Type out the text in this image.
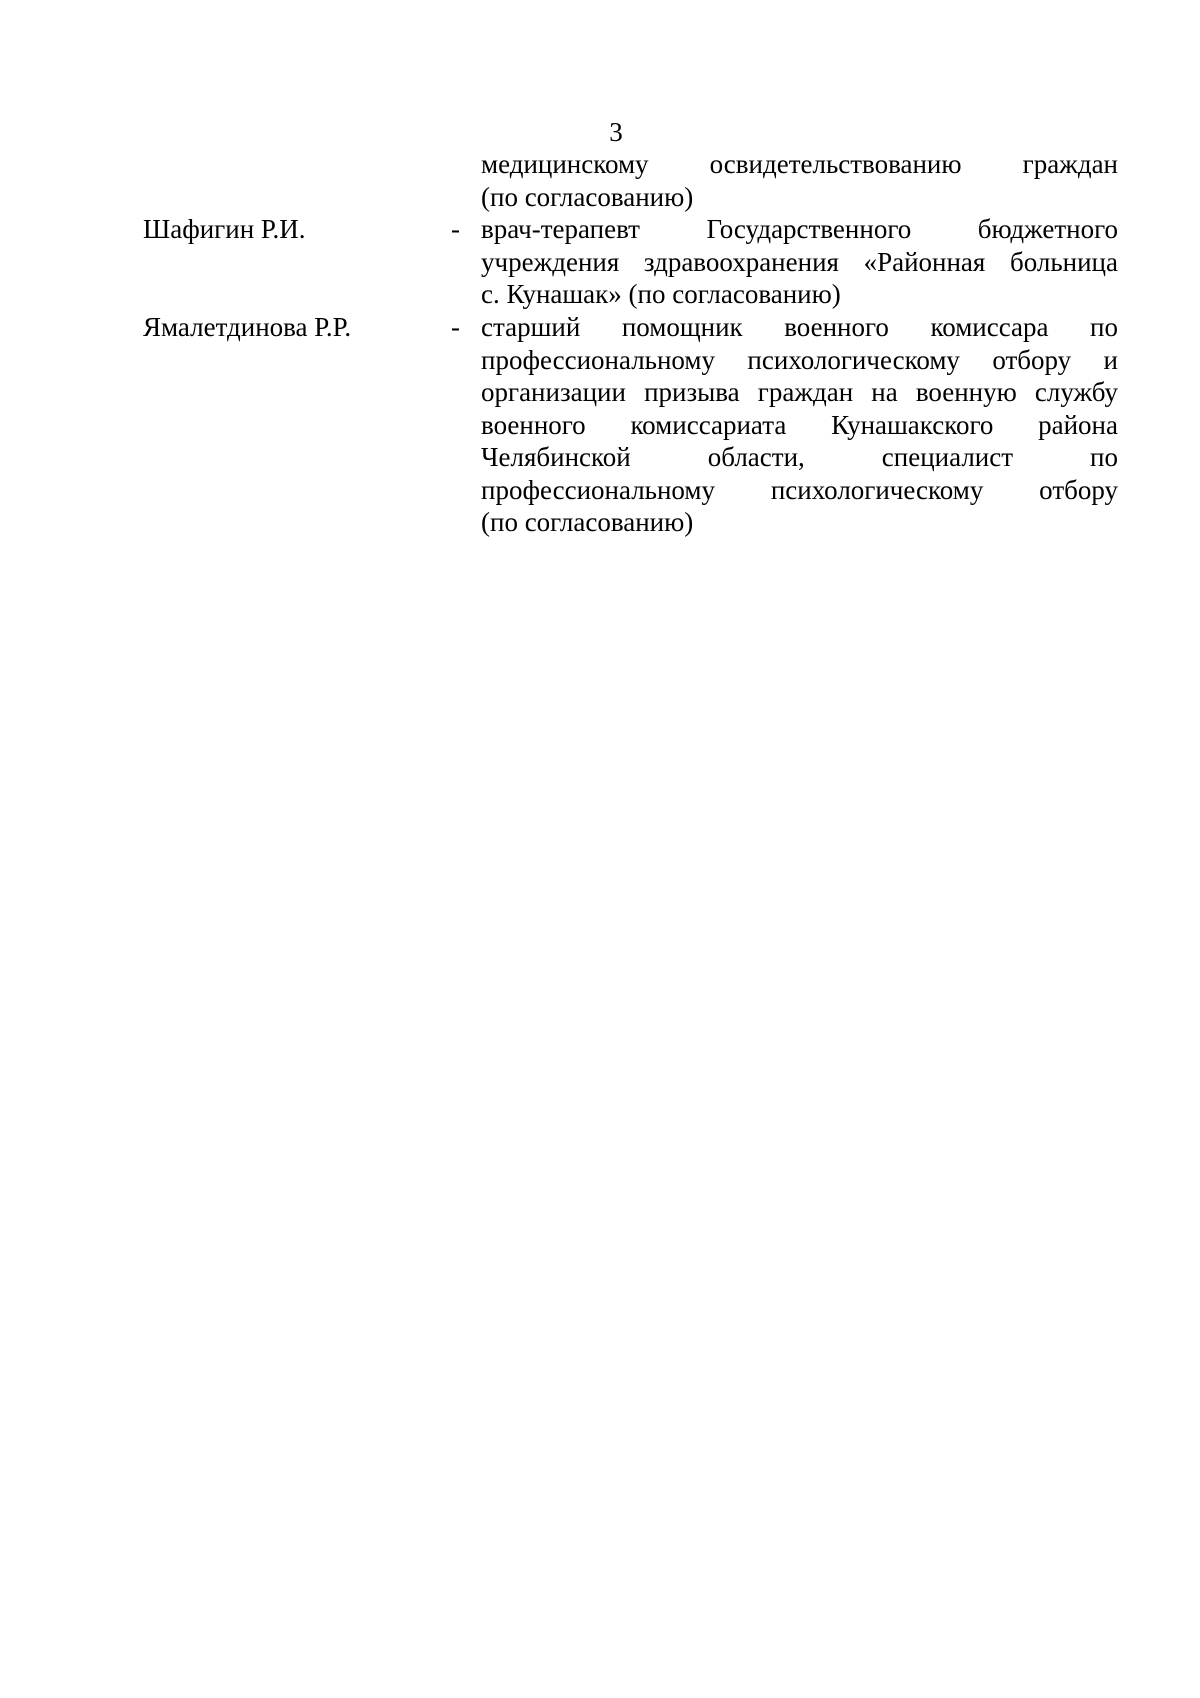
3
медицинскому освидетельствованию граждан
(по согласованию)
Шафигин Р.И.	- врач-терапевт Государственного бюджетного
учреждения здравоохранения «Районная больница
с. Кунашак» (по согласованию)
Ямалетдинова Р.Р.	- старший помощник военного комиссара по
профессиональному психологическому отбору и
организации призыва граждан на военную службу
военного комиссариата Кунашакского района
Челябинской области, специалист по
профессиональному психологическому отбору
(по согласованию)
